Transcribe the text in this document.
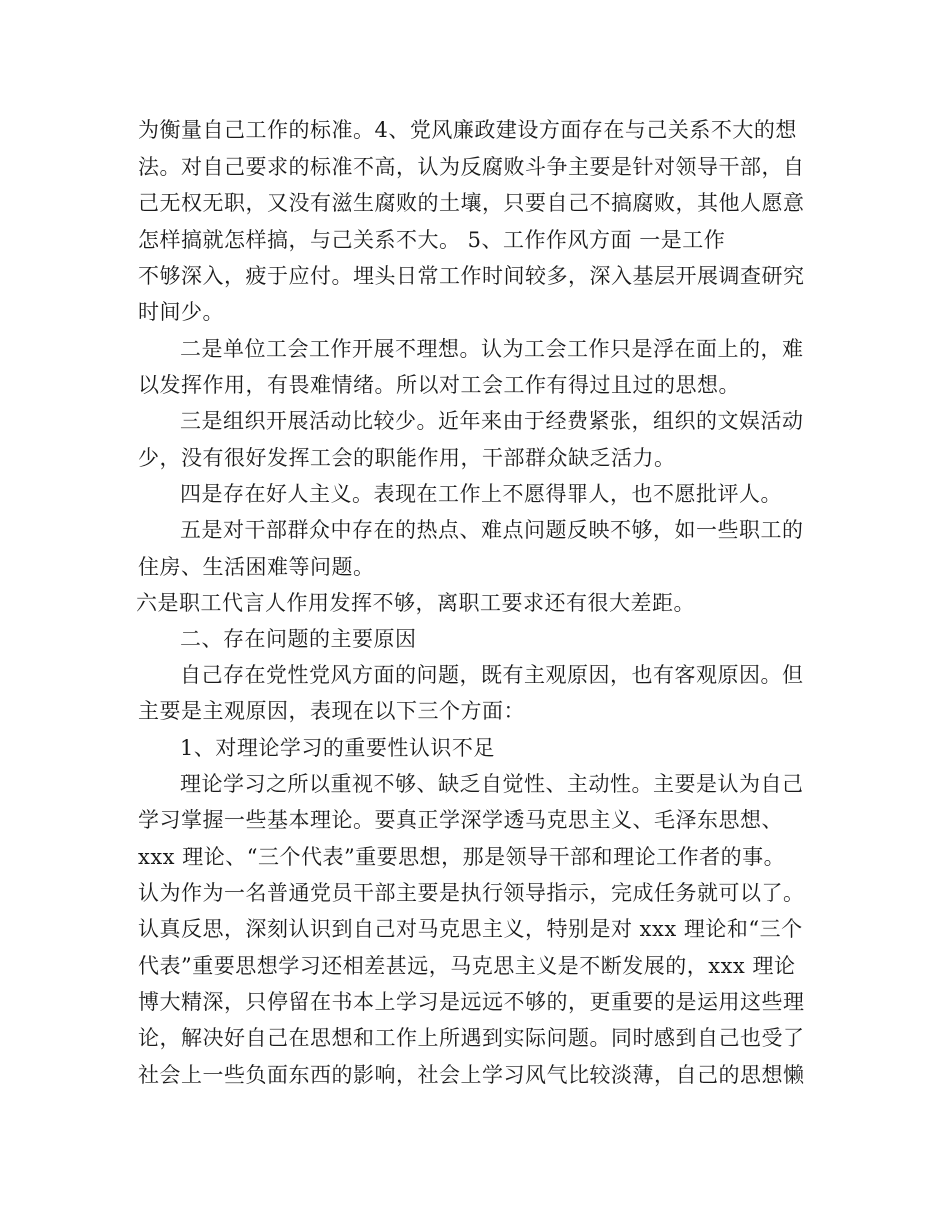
为衡量自己工作的标准。4、党风廉政建设方面存在与己关系不大的想
法。对自己要求的标准不高，认为反腐败斗争主要是针对领导干部，自
己无权无职，又没有滋生腐败的土壤，只要自己不搞腐败，其他人愿意
怎样搞就怎样搞，与己关系不大。 5、工作作风方面 一是工作
不够深入，疲于应付。埋头日常工作时间较多，深入基层开展调查研究
时间少。
二是单位工会工作开展不理想。认为工会工作只是浮在面上的，难
以发挥作用，有畏难情绪。所以对工会工作有得过且过的思想。
三是组织开展活动比较少。近年来由于经费紧张，组织的文娱活动
少，没有很好发挥工会的职能作用，干部群众缺乏活力。
四是存在好人主义。表现在工作上不愿得罪人，也不愿批评人。
五是对干部群众中存在的热点、难点问题反映不够，如一些职工的
住房、生活困难等问题。
六是职工代言人作用发挥不够，离职工要求还有很大差距。
二、存在问题的主要原因
自己存在党性党风方面的问题，既有主观原因，也有客观原因。但
主要是主观原因，表现在以下三个方面：
1、对理论学习的重要性认识不足
理论学习之所以重视不够、缺乏自觉性、主动性。主要是认为自己
学习掌握一些基本理论。要真正学深学透马克思主义、毛泽东思想、
xxx 理论、“三个代表”重要思想，那是领导干部和理论工作者的事。
认为作为一名普通党员干部主要是执行领导指示，完成任务就可以了。
认真反思，深刻认识到自己对马克思主义，特别是对 xxx 理论和“三个
代表”重要思想学习还相差甚远，马克思主义是不断发展的，xxx 理论
博大精深，只停留在书本上学习是远远不够的，更重要的是运用这些理
论，解决好自己在思想和工作上所遇到实际问题。同时感到自己也受了
社会上一些负面东西的影响，社会上学习风气比较淡薄，自己的思想懒
